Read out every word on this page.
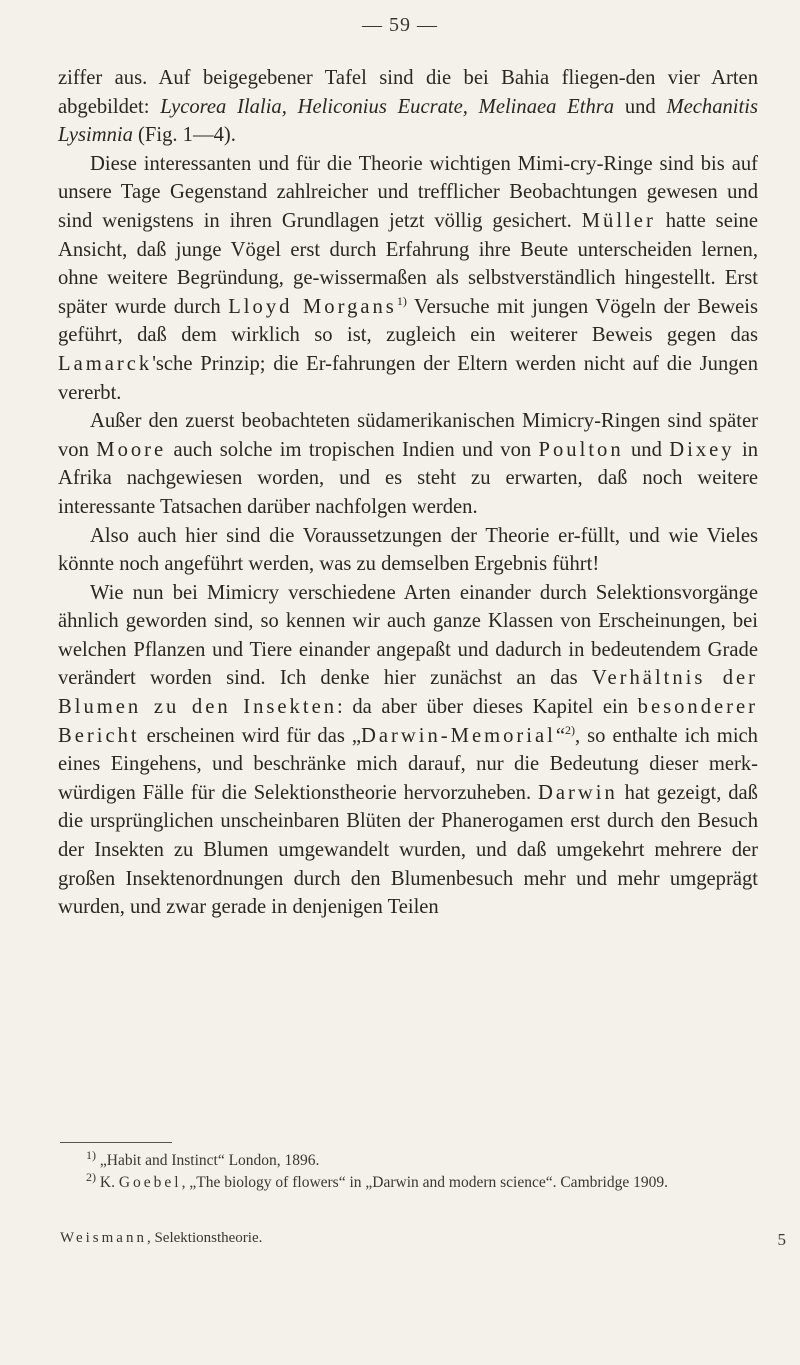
— 59 —

ziffer aus. Auf beigegebener Tafel sind die bei Bahia fliegen-den vier Arten abgebildet: Lycorea Ilalia, Heliconius Eucrate, Melinaea Ethra und Mechanitis Lysimnia (Fig. 1—4).

Diese interessanten und für die Theorie wichtigen Mimi-cry-Ringe sind bis auf unsere Tage Gegenstand zahlreicher und trefflicher Beobachtungen gewesen und sind wenigstens in ihren Grundlagen jetzt völlig gesichert. Müller hatte seine Ansicht, daß junge Vögel erst durch Erfahrung ihre Beute unterscheiden lernen, ohne weitere Begründung, ge-wissermaßen als selbstverständlich hingestellt. Erst später wurde durch Lloyd Morgans$^{1)}$ Versuche mit jungen Vögeln der Beweis geführt, daß dem wirklich so ist, zugleich ein weiterer Beweis gegen das Lamarck'sche Prinzip; die Er-fahrungen der Eltern werden nicht auf die Jungen vererbt.

Außer den zuerst beobachteten südamerikanischen Mimicry-Ringen sind später von Moore auch solche im tropischen Indien und von Poulton und Dixey in Afrika nachgewiesen worden, und es steht zu erwarten, daß noch weitere interessante Tatsachen darüber nachfolgen werden.

Also auch hier sind die Voraussetzungen der Theorie er-füllt, und wie Vieles könnte noch angeführt werden, was zu demselben Ergebnis führt!

Wie nun bei Mimicry verschiedene Arten einander durch Selektionsvorgänge ähnlich geworden sind, so kennen wir auch ganze Klassen von Erscheinungen, bei welchen Pflanzen und Tiere einander angepaßt und dadurch in bedeutendem Grade verändert worden sind. Ich denke hier zunächst an das Verhältnis der Blumen zu den Insekten: da aber über dieses Kapitel ein besonderer Bericht erscheinen wird für das „Darwin-Memorial“$^{2)}$, so enthalte ich mich eines Eingehens, und beschränke mich darauf, nur die Bedeutung dieser merk-würdigen Fälle für die Selektionstheorie hervorzuheben. Darwin hat gezeigt, daß die ursprünglichen unscheinbaren Blüten der Phanerogamen erst durch den Besuch der Insekten zu Blumen umgewandelt wurden, und daß umgekehrt mehrere der großen Insektenordnungen durch den Blumenbesuch mehr und mehr umgeprägt wurden, und zwar gerade in denjenigen Teilen

$^{1)}$ „Habit and Instinct“ London, 1896.

$^{2)}$ K. Goebel, „The biology of flowers“ in „Darwin and modern science“. Cambridge 1909.

Weismann, Selektionstheorie.	5
